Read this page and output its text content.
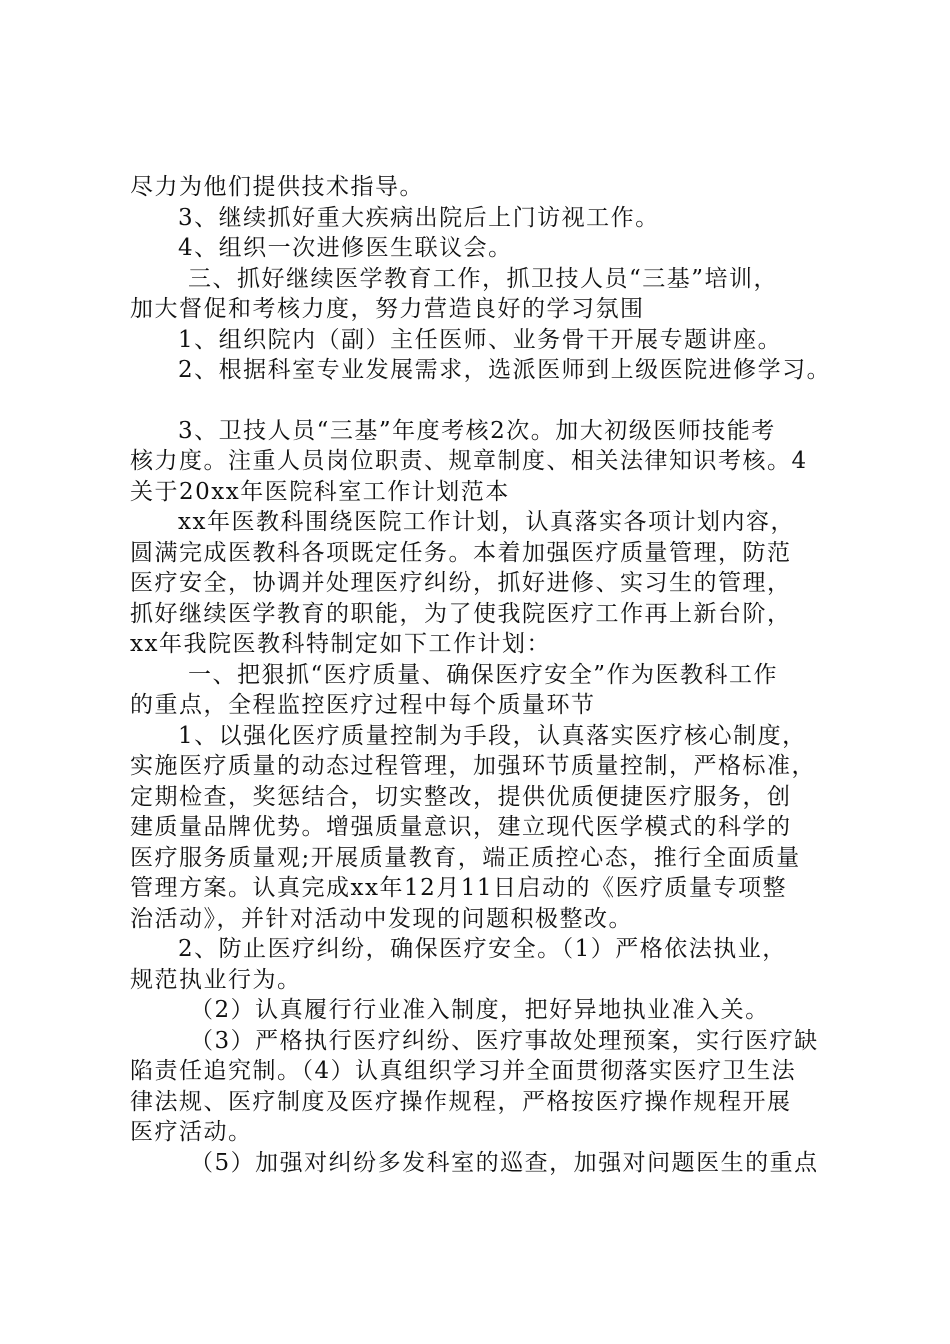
尽力为他们提供技术指导。
3、继续抓好重大疾病出院后上门访视工作。
4、组织一次进修医生联议会。
三、抓好继续医学教育工作，抓卫技人员“三基”培训，
加大督促和考核力度，努力营造良好的学习氛围
1、组织院内（副）主任医师、业务骨干开展专题讲座。
2、根据科室专业发展需求，选派医师到上级医院进修学习。
3、卫技人员“三基”年度考核2次。加大初级医师技能考
核力度。注重人员岗位职责、规章制度、相关法律知识考核。4
关于20xx年医院科室工作计划范本
xx年医教科围绕医院工作计划，认真落实各项计划内容，
圆满完成医教科各项既定任务。本着加强医疗质量管理，防范
医疗安全，协调并处理医疗纠纷，抓好进修、实习生的管理，
抓好继续医学教育的职能，为了使我院医疗工作再上新台阶，
xx年我院医教科特制定如下工作计划：
一、把狠抓“医疗质量、确保医疗安全”作为医教科工作
的重点，全程监控医疗过程中每个质量环节
1、以强化医疗质量控制为手段，认真落实医疗核心制度，
实施医疗质量的动态过程管理，加强环节质量控制，严格标准，
定期检查，奖惩结合，切实整改，提供优质便捷医疗服务，创
建质量品牌优势。增强质量意识，建立现代医学模式的科学的
医疗服务质量观;开展质量教育，端正质控心态，推行全面质量
管理方案。认真完成xx年12月11日启动的《医疗质量专项整
治活动》，并针对活动中发现的问题积极整改。
2、防止医疗纠纷，确保医疗安全。（1）严格依法执业，
规范执业行为。
（2）认真履行行业准入制度，把好异地执业准入关。
（3）严格执行医疗纠纷、医疗事故处理预案，实行医疗缺
陷责任追究制。（4）认真组织学习并全面贯彻落实医疗卫生法
律法规、医疗制度及医疗操作规程，严格按医疗操作规程开展
医疗活动。
（5）加强对纠纷多发科室的巡查，加强对问题医生的重点
